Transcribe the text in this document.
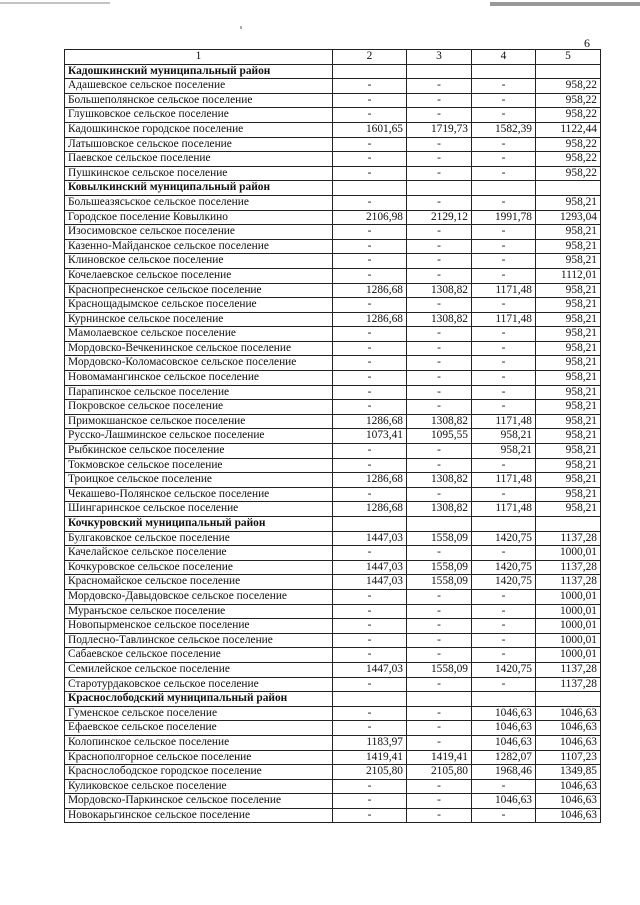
6
1	2	3	4	5
Кадошкинский муниципальный район				
Адашевское сельское поселение	-	-	-	958,22
Большеполянское сельское поселение	-	-	-	958,22
Глушковское сельское поселение	-	-	-	958,22
Кадошкинское городское поселение	1601,65	1719,73	1582,39	1122,44
Латышовское сельское поселение	-	-	-	958,22
Паевское сельское поселение	-	-	-	958,22
Пушкинское сельское поселение	-	-	-	958,22
Ковылкинский муниципальный район				
Большеазясьское сельское поселение	-	-	-	958,21
Городское поселение Ковылкино	2106,98	2129,12	1991,78	1293,04
Изосимовское сельское поселение	-	-	-	958,21
Казенно-Майданское сельское поселение	-	-	-	958,21
Клиновское сельское поселение	-	-	-	958,21
Кочелаевское сельское поселение	-	-	-	1112,01
Краснопресненское сельское поселение	1286,68	1308,82	1171,48	958,21
Краснощадымское сельское поселение	-	-	-	958,21
Курнинское сельское поселение	1286,68	1308,82	1171,48	958,21
Мамолаевское сельское поселение	-	-	-	958,21
Мордовско-Вечкенинское сельское поселение	-	-	-	958,21
Мордовско-Коломасовское сельское поселение	-	-	-	958,21
Новомамангинское сельское поселение	-	-	-	958,21
Парапинское сельское поселение	-	-	-	958,21
Покровское сельское поселение	-	-	-	958,21
Примокшанское сельское поселение	1286,68	1308,82	1171,48	958,21
Русско-Лашминское сельское поселение	1073,41	1095,55	958,21	958,21
Рыбкинское сельское поселение	-	-	958,21	958,21
Токмовское сельское поселение	-	-	-	958,21
Троицкое сельское поселение	1286,68	1308,82	1171,48	958,21
Чекашево-Полянское сельское поселение	-	-	-	958,21
Шингаринское сельское поселение	1286,68	1308,82	1171,48	958,21
Кочкуровский муниципальный район				
Булгаковское сельское поселение	1447,03	1558,09	1420,75	1137,28
Качелайское сельское поселение	-	-	-	1000,01
Кочкуровское сельское поселение	1447,03	1558,09	1420,75	1137,28
Красномайское сельское поселение	1447,03	1558,09	1420,75	1137,28
Мордовско-Давыдовское сельское поселение	-	-	-	1000,01
Муранъское сельское поселение	-	-	-	1000,01
Новопырменское сельское поселение	-	-	-	1000,01
Подлесно-Тавлинское сельское поселение	-	-	-	1000,01
Сабаевское сельское поселение	-	-	-	1000,01
Семилейское сельское поселение	1447,03	1558,09	1420,75	1137,28
Старотурдаковское сельское поселение	-	-	-	1137,28
Краснослободский муниципальный район				
Гуменское сельское поселение	-	-	1046,63	1046,63
Ефаевское сельское поселение	-	-	1046,63	1046,63
Колопинское сельское поселение	1183,97	-	1046,63	1046,63
Краснополгорное сельское поселение	1419,41	1419,41	1282,07	1107,23
Краснослободское городское поселение	2105,80	2105,80	1968,46	1349,85
Куликовское сельское поселение	-	-	-	1046,63
Мордовско-Паркинское сельское поселение	-	-	1046,63	1046,63
Новокарьгинское сельское поселение	-	-	-	1046,63
